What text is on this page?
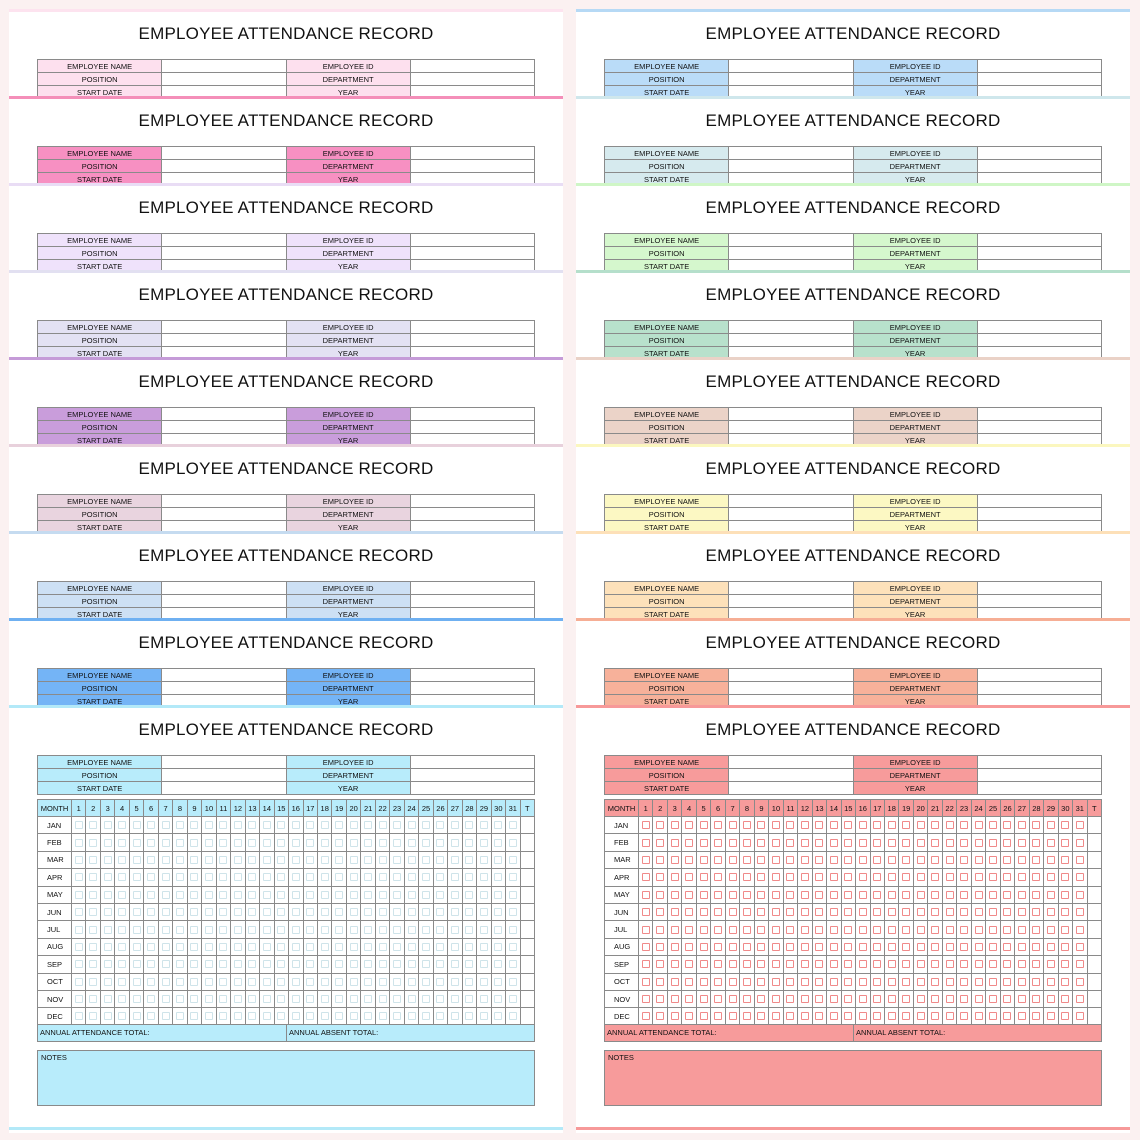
EMPLOYEE ATTENDANCE RECORD
EMPLOYEE NAME		EMPLOYEE ID	
POSITION		DEPARTMENT	
START DATE		YEAR	
EMPLOYEE ATTENDANCE RECORD
EMPLOYEE NAME		EMPLOYEE ID	
POSITION		DEPARTMENT	
START DATE		YEAR	
EMPLOYEE ATTENDANCE RECORD
EMPLOYEE NAME		EMPLOYEE ID	
POSITION		DEPARTMENT	
START DATE		YEAR	
EMPLOYEE ATTENDANCE RECORD
EMPLOYEE NAME		EMPLOYEE ID	
POSITION		DEPARTMENT	
START DATE		YEAR	
EMPLOYEE ATTENDANCE RECORD
EMPLOYEE NAME		EMPLOYEE ID	
POSITION		DEPARTMENT	
START DATE		YEAR	
EMPLOYEE ATTENDANCE RECORD
EMPLOYEE NAME		EMPLOYEE ID	
POSITION		DEPARTMENT	
START DATE		YEAR	
EMPLOYEE ATTENDANCE RECORD
EMPLOYEE NAME		EMPLOYEE ID	
POSITION		DEPARTMENT	
START DATE		YEAR	
EMPLOYEE ATTENDANCE RECORD
EMPLOYEE NAME		EMPLOYEE ID	
POSITION		DEPARTMENT	
START DATE		YEAR	
EMPLOYEE ATTENDANCE RECORD
EMPLOYEE NAME		EMPLOYEE ID	
POSITION		DEPARTMENT	
START DATE		YEAR	
MONTH	1	2	3	4	5	6	7	8	9	10	11	12	13	14	15	16	17	18	19	20	21	22	23	24	25	26	27	28	29	30	31	T
JAN	

FEB	

MAR	

APR	

MAY	

JUN	

JUL	

AUG	

SEP	

OCT	

NOV	

DEC	

ANNUAL ATTENDANCE TOTAL:	ANNUAL ABSENT TOTAL:
NOTES
EMPLOYEE ATTENDANCE RECORD
EMPLOYEE NAME		EMPLOYEE ID	
POSITION		DEPARTMENT	
START DATE		YEAR	
EMPLOYEE ATTENDANCE RECORD
EMPLOYEE NAME		EMPLOYEE ID	
POSITION		DEPARTMENT	
START DATE		YEAR	
EMPLOYEE ATTENDANCE RECORD
EMPLOYEE NAME		EMPLOYEE ID	
POSITION		DEPARTMENT	
START DATE		YEAR	
EMPLOYEE ATTENDANCE RECORD
EMPLOYEE NAME		EMPLOYEE ID	
POSITION		DEPARTMENT	
START DATE		YEAR	
EMPLOYEE ATTENDANCE RECORD
EMPLOYEE NAME		EMPLOYEE ID	
POSITION		DEPARTMENT	
START DATE		YEAR	
EMPLOYEE ATTENDANCE RECORD
EMPLOYEE NAME		EMPLOYEE ID	
POSITION		DEPARTMENT	
START DATE		YEAR	
EMPLOYEE ATTENDANCE RECORD
EMPLOYEE NAME		EMPLOYEE ID	
POSITION		DEPARTMENT	
START DATE		YEAR	
EMPLOYEE ATTENDANCE RECORD
EMPLOYEE NAME		EMPLOYEE ID	
POSITION		DEPARTMENT	
START DATE		YEAR	
EMPLOYEE ATTENDANCE RECORD
EMPLOYEE NAME		EMPLOYEE ID	
POSITION		DEPARTMENT	
START DATE		YEAR	
MONTH	1	2	3	4	5	6	7	8	9	10	11	12	13	14	15	16	17	18	19	20	21	22	23	24	25	26	27	28	29	30	31	T
JAN	

FEB	

MAR	

APR	

MAY	

JUN	

JUL	

AUG	

SEP	

OCT	

NOV	

DEC	

ANNUAL ATTENDANCE TOTAL:	ANNUAL ABSENT TOTAL:
NOTES
